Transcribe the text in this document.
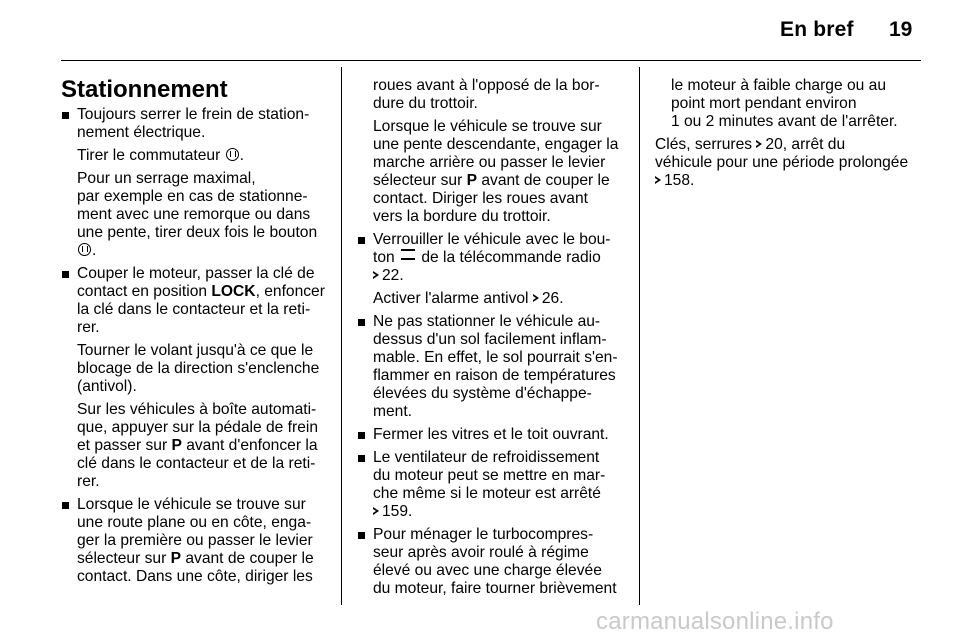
En bref 19
Stationnement
Toujours serrer le frein de station-
nement électrique.
Tirer le commutateur .
Pour un serrage maximal,
par exemple en cas de stationne-
ment avec une remorque ou dans
une pente, tirer deux fois le bouton
.
Couper le moteur, passer la clé de
contact en position LOCK, enfoncer
la clé dans le contacteur et la reti-
rer.
Tourner le volant jusqu'à ce que le
blocage de la direction s'enclenche
(antivol).
Sur les véhicules à boîte automati-
que, appuyer sur la pédale de frein
et passer sur P avant d'enfoncer la
clé dans le contacteur et de la reti-
rer.
Lorsque le véhicule se trouve sur
une route plane ou en côte, enga-
ger la première ou passer le levier
sélecteur sur P avant de couper le
contact. Dans une côte, diriger les
roues avant à l'opposé de la bor-
dure du trottoir.
Lorsque le véhicule se trouve sur
une pente descendante, engager la
marche arrière ou passer le levier
sélecteur sur P avant de couper le
contact. Diriger les roues avant
vers la bordure du trottoir.
Verrouiller le véhicule avec le bou-
ton  de la télécommande radio
22.
Activer l'alarme antivol 26.
Ne pas stationner le véhicule au-
dessus d'un sol facilement inflam-
mable. En effet, le sol pourrait s'en-
flammer en raison de températures
élevées du système d'échappe-
ment.
Fermer les vitres et le toit ouvrant.
Le ventilateur de refroidissement
du moteur peut se mettre en mar-
che même si le moteur est arrêté
159.
Pour ménager le turbocompres-
seur après avoir roulé à régime
élevé ou avec une charge élevée
du moteur, faire tourner brièvement
le moteur à faible charge ou au
point mort pendant environ
1 ou 2 minutes avant de l'arrêter.
Clés, serrures 20, arrêt du
véhicule pour une période prolongée
158.
carmanualsonline.info
